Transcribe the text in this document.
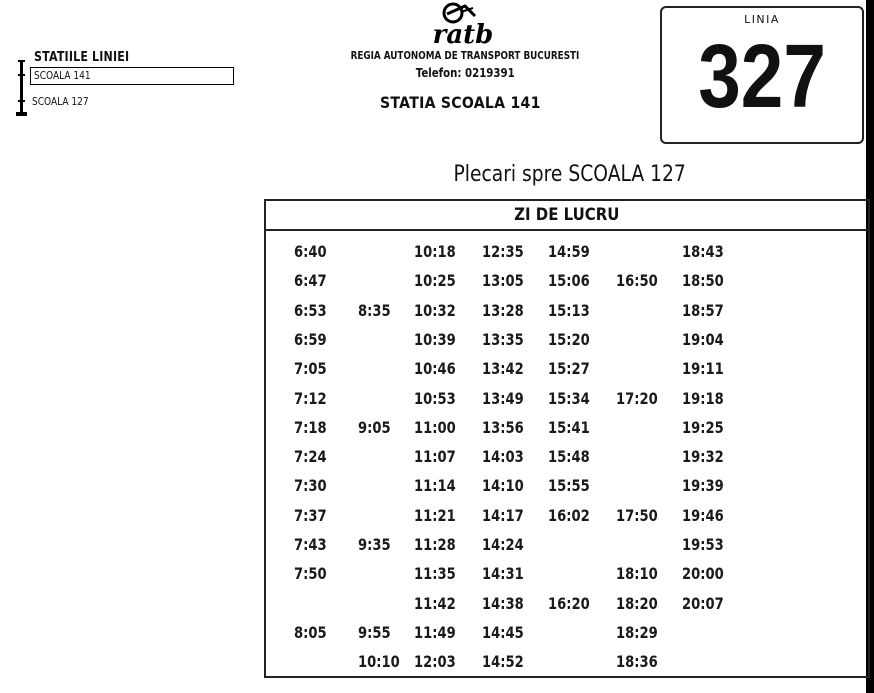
STATIILE LINIEI
SCOALA 141
SCOALA 127
ratb
REGIA AUTONOMA DE TRANSPORT BUCURESTI
Telefon: 0219391
STATIA SCOALA 141
LINIA
327
Plecari spre SCOALA 127
ZI DE LUCRU
6:40
6:47
6:53
6:59
7:05
7:12
7:18
7:24
7:30
7:37
7:43
7:50
8:05
8:35
9:05
9:35
9:55
10:10
10:18
10:25
10:32
10:39
10:46
10:53
11:00
11:07
11:14
11:21
11:28
11:35
11:42
11:49
12:03
12:35
13:05
13:28
13:35
13:42
13:49
13:56
14:03
14:10
14:17
14:24
14:31
14:38
14:45
14:52
14:59
15:06
15:13
15:20
15:27
15:34
15:41
15:48
15:55
16:02
16:20
16:50
17:20
17:50
18:10
18:20
18:29
18:36
18:43
18:50
18:57
19:04
19:11
19:18
19:25
19:32
19:39
19:46
19:53
20:00
20:07
